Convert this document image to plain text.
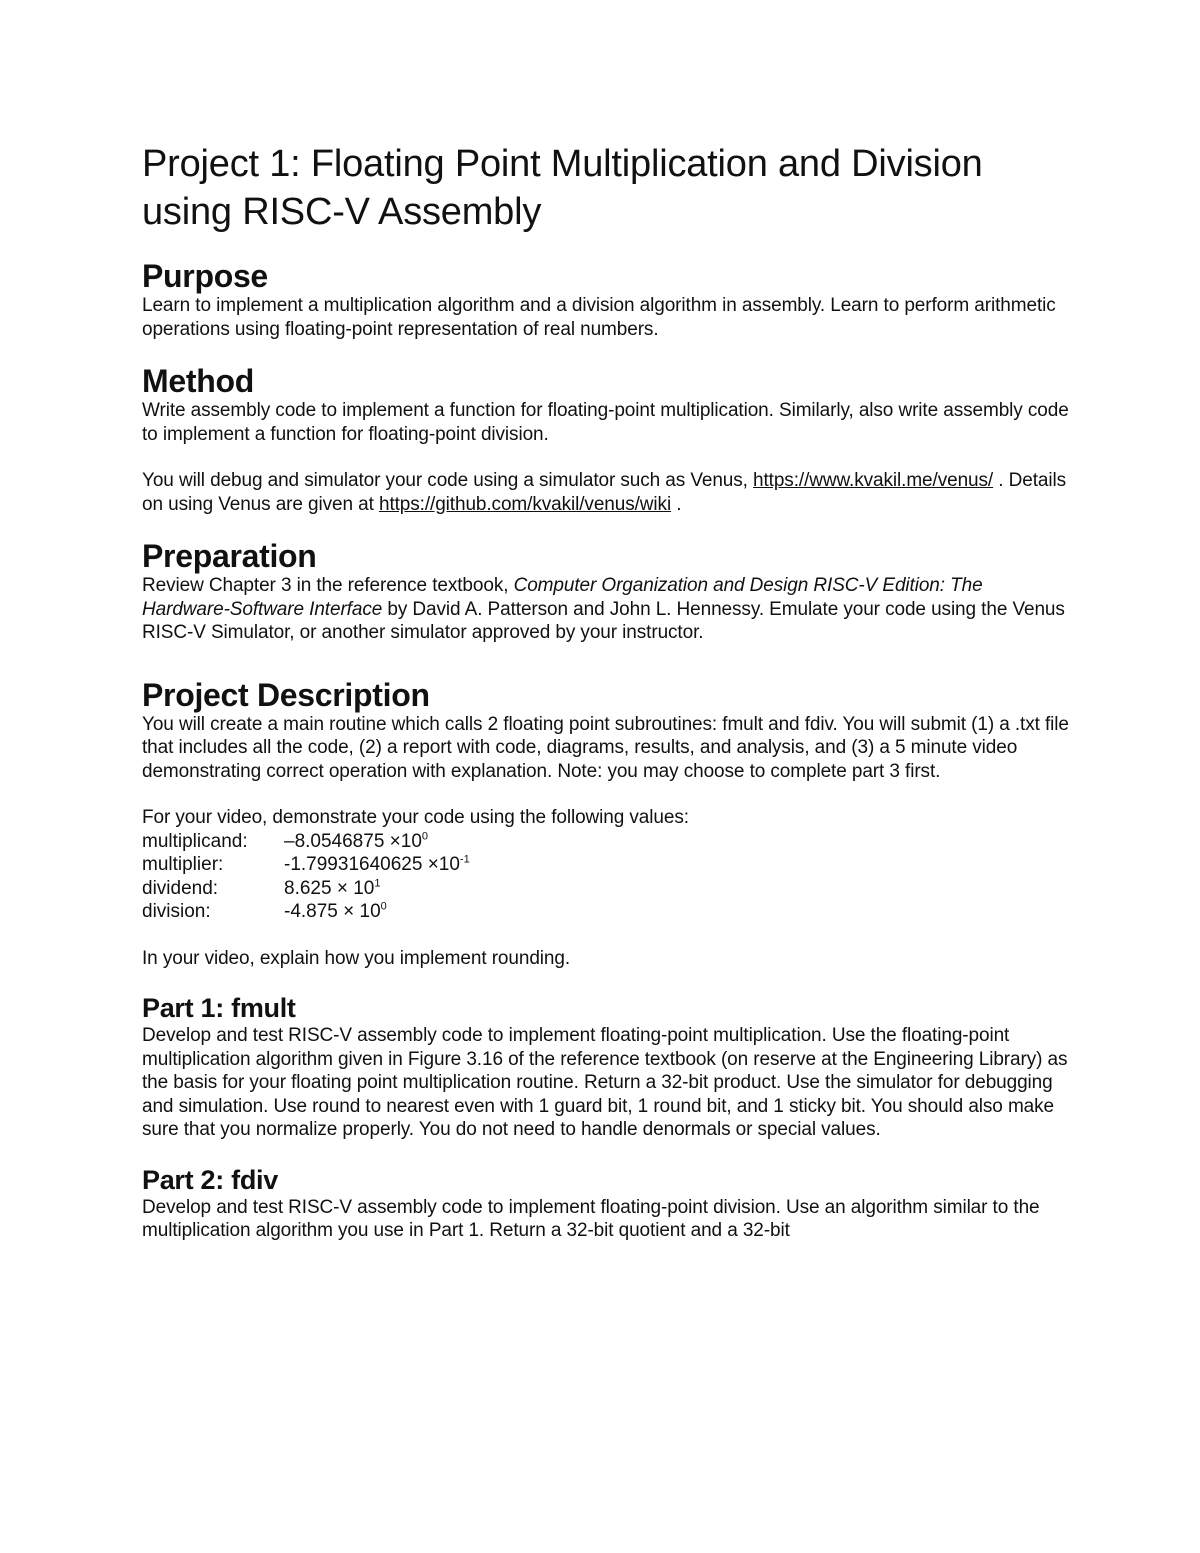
Project 1: Floating Point Multiplication and Division using RISC-V Assembly
Purpose

Learn to implement a multiplication algorithm and a division algorithm in assembly. Learn to perform arithmetic operations using floating-point representation of real numbers.

Method

Write assembly code to implement a function for floating-point multiplication. Similarly, also write assembly code to implement a function for floating-point division.

You will debug and simulator your code using a simulator such as Venus, https://www.kvakil.me/venus/ . Details on using Venus are given at https://github.com/kvakil/venus/wiki .

Preparation

Review Chapter 3 in the reference textbook, Computer Organization and Design RISC-V Edition: The Hardware-Software Interface by David A. Patterson and John L. Hennessy. Emulate your code using the Venus RISC-V Simulator, or another simulator approved by your instructor.

Project Description

You will create a main routine which calls 2 floating point subroutines: fmult and fdiv. You will submit (1) a .txt file that includes all the code, (2) a report with code, diagrams, results, and analysis, and (3) a 5 minute video demonstrating correct operation with explanation. Note: you may choose to complete part 3 first.

For your video, demonstrate your code using the following values:

multiplicand:	$-8.0546875 \times 10^0$
multiplier:	$-1.79931640625 \times 10^{-1}$
dividend:	$8.625 \times 10^1$
division:	$-4.875 \times 10^0$

In your video, explain how you implement rounding.

Part 1: fmult

Develop and test RISC-V assembly code to implement floating-point multiplication. Use the floating-point multiplication algorithm given in Figure 3.16 of the reference textbook (on reserve at the Engineering Library) as the basis for your floating point multiplication routine. Return a 32-bit product. Use the simulator for debugging and simulation. Use round to nearest even with 1 guard bit, 1 round bit, and 1 sticky bit. You should also make sure that you normalize properly. You do not need to handle denormals or special values.

Part 2: fdiv

Develop and test RISC-V assembly code to implement floating-point division. Use an algorithm similar to the multiplication algorithm you use in Part 1. Return a 32-bit quotient and a 32-bit
